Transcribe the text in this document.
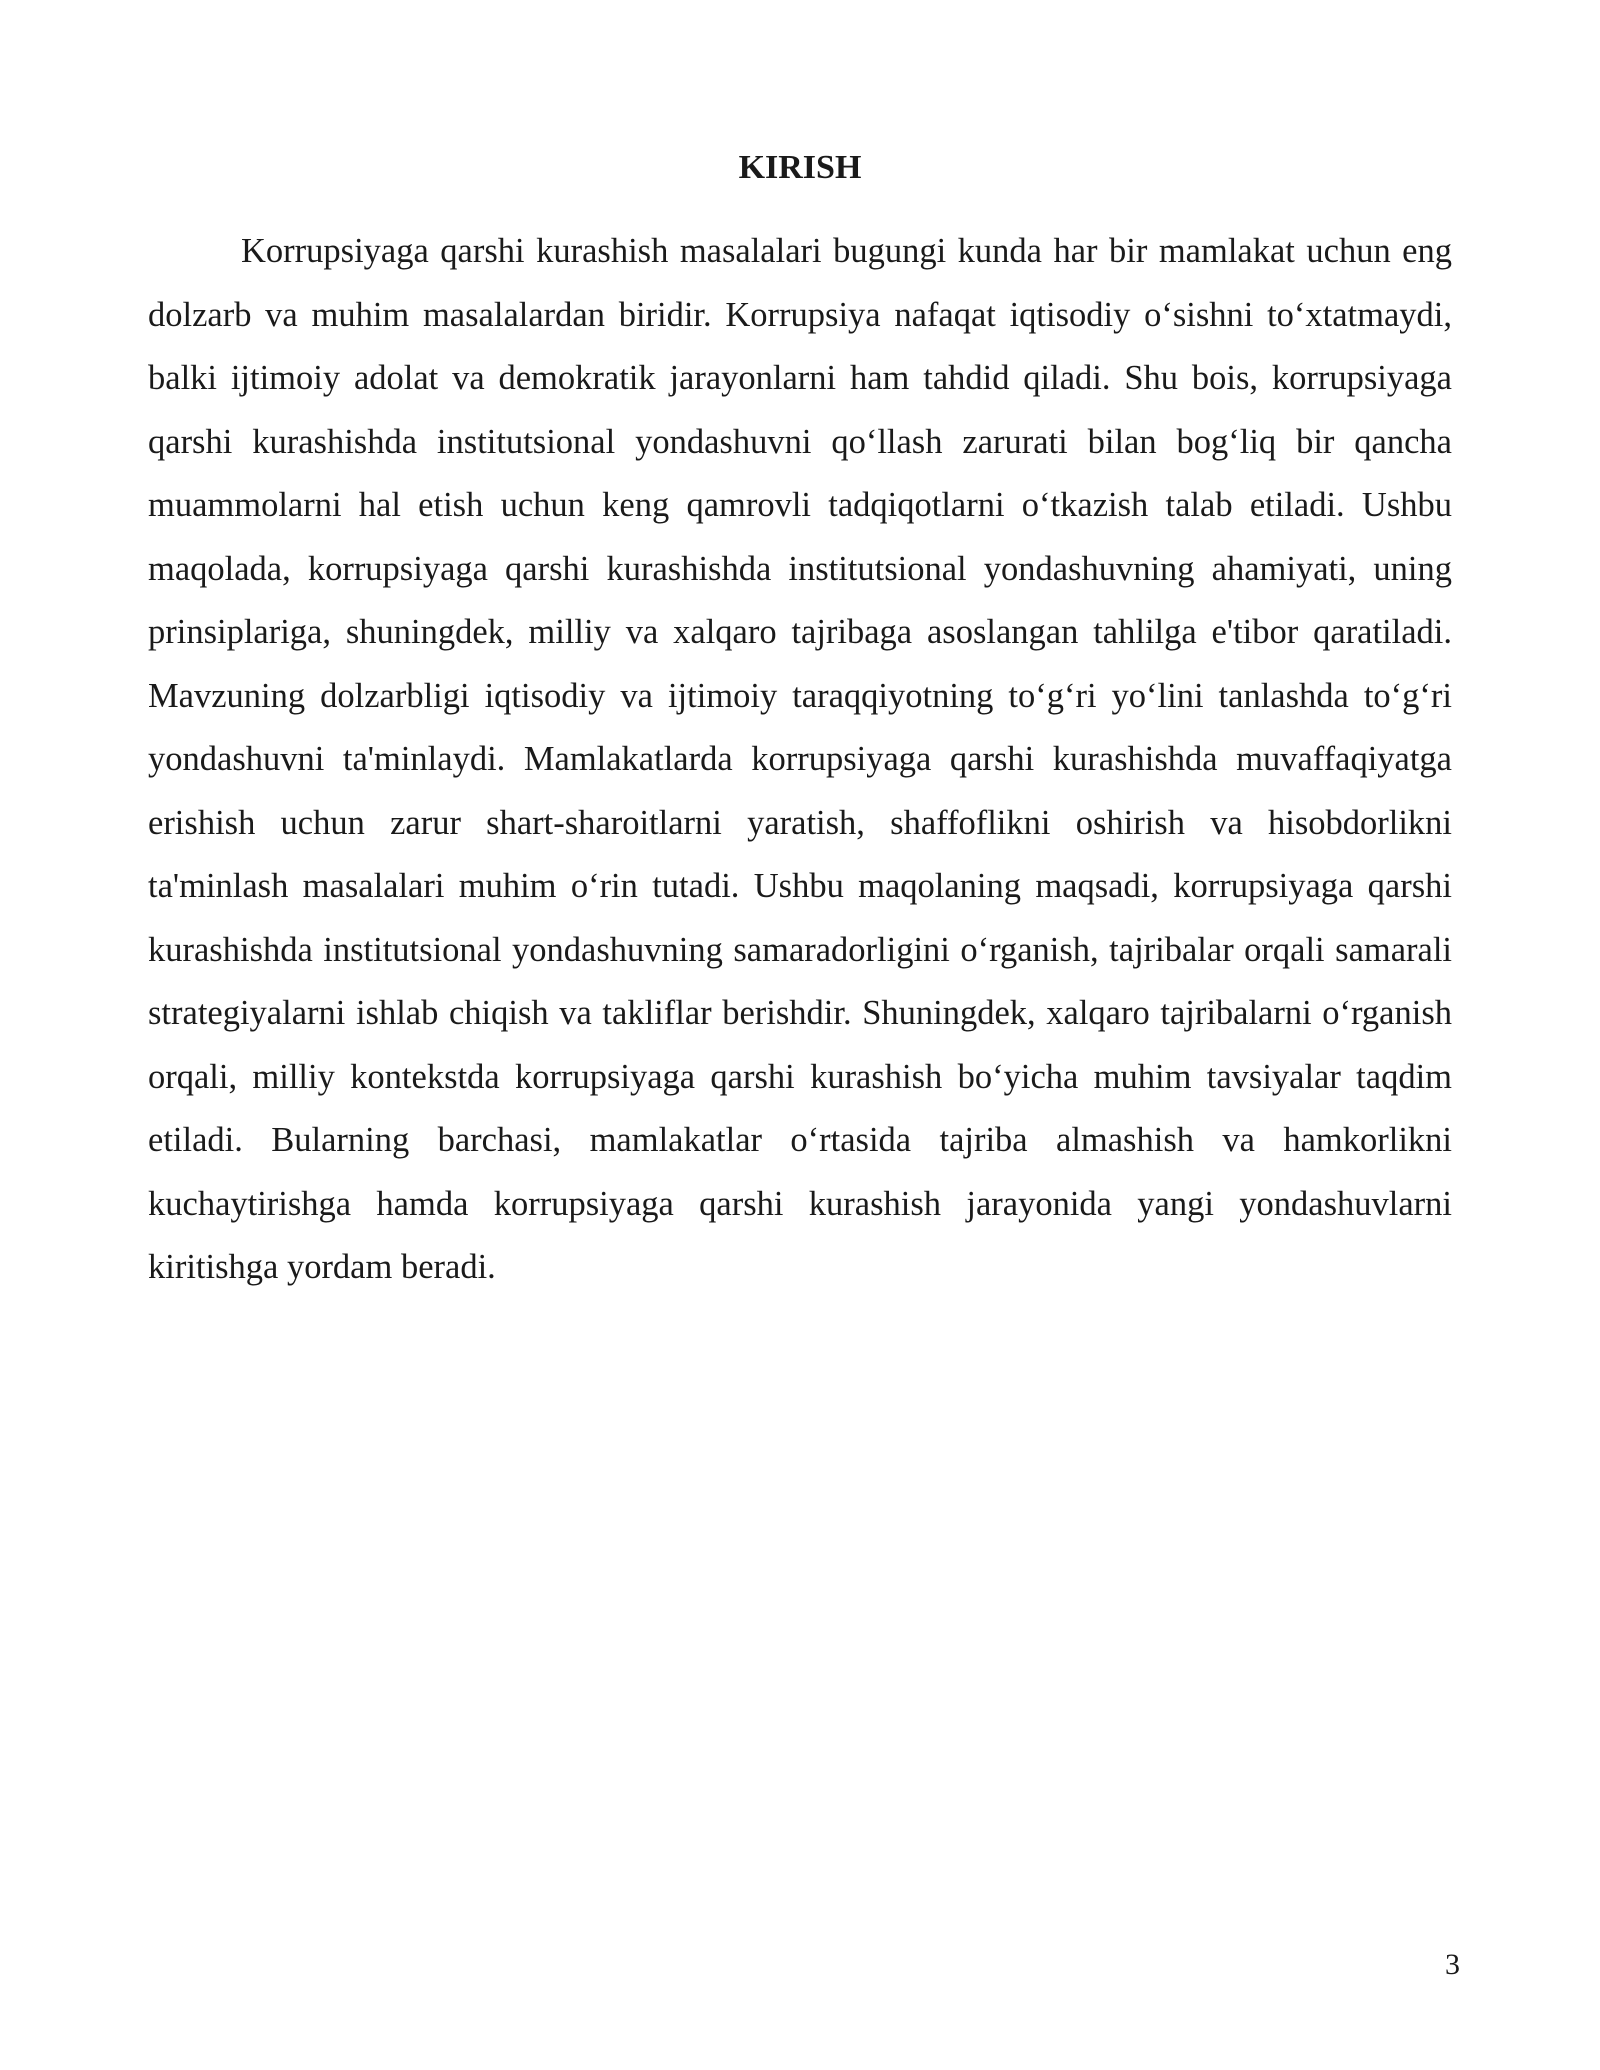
KIRISH

Korrupsiyaga qarshi kurashish masalalari bugungi kunda har bir mamlakat uchun eng dolzarb va muhim masalalardan biridir. Korrupsiya nafaqat iqtisodiy o‘sishni to‘xtatmaydi, balki ijtimoiy adolat va demokratik jarayonlarni ham tahdid qiladi. Shu bois, korrupsiyaga qarshi kurashishda institutsional yondashuvni qo‘llash zarurati bilan bog‘liq bir qancha muammolarni hal etish uchun keng qamrovli tadqiqotlarni o‘tkazish talab etiladi. Ushbu maqolada, korrupsiyaga qarshi kurashishda institutsional yondashuvning ahamiyati, uning prinsiplariga, shuningdek, milliy va xalqaro tajribaga asoslangan tahlilga e'tibor qaratiladi. Mavzuning dolzarbligi iqtisodiy va ijtimoiy taraqqiyotning to‘g‘ri yo‘lini tanlashda to‘g‘ri yondashuvni ta'minlaydi. Mamlakatlarda korrupsiyaga qarshi kurashishda muvaffaqiyatga erishish uchun zarur shart-sharoitlarni yaratish, shaffoflikni oshirish va hisobdorlikni ta'minlash masalalari muhim o‘rin tutadi. Ushbu maqolaning maqsadi, korrupsiyaga qarshi kurashishda institutsional yondashuvning samaradorligini o‘rganish, tajribalar orqali samarali strategiyalarni ishlab chiqish va takliflar berishdir. Shuningdek, xalqaro tajribalarni o‘rganish orqali, milliy kontekstda korrupsiyaga qarshi kurashish bo‘yicha muhim tavsiyalar taqdim etiladi. Bularning barchasi, mamlakatlar o‘rtasida tajriba almashish va hamkorlikni kuchaytirishga hamda korrupsiyaga qarshi kurashish jarayonida yangi yondashuvlarni kiritishga yordam beradi.

3
